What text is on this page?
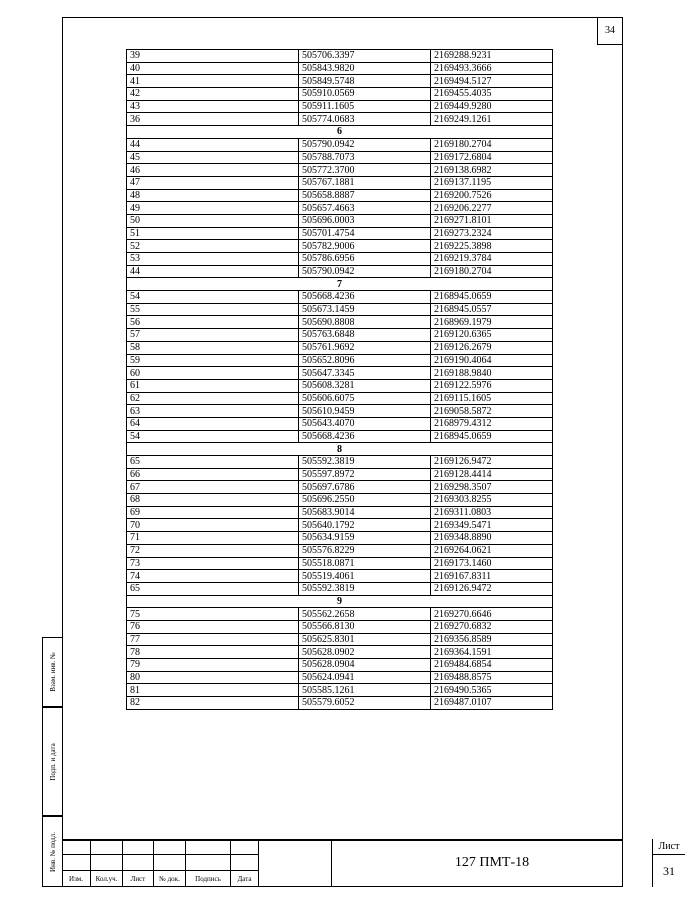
34
Взам. инв. №
Подп. и дата
Инв. № подл.
39	505706.3397	2169288.9231
40	505843.9820	2169493.3666
41	505849.5748	2169494.5127
42	505910.0569	2169455.4035
43	505911.1605	2169449.9280
36	505774.0683	2169249.1261
6		
44	505790.0942	2169180.2704
45	505788.7073	2169172.6804
46	505772.3700	2169138.6982
47	505767.1881	2169137.1195
48	505658.8887	2169200.7526
49	505657.4663	2169206.2277
50	505696.0003	2169271.8101
51	505701.4754	2169273.2324
52	505782.9006	2169225.3898
53	505786.6956	2169219.3784
44	505790.0942	2169180.2704
7		
54	505668.4236	2168945.0659
55	505673.1459	2168945.0557
56	505690.8808	2168969.1979
57	505763.6848	2169120.6365
58	505761.9692	2169126.2679
59	505652.8096	2169190.4064
60	505647.3345	2169188.9840
61	505608.3281	2169122.5976
62	505606.6075	2169115.1605
63	505610.9459	2169058.5872
64	505643.4070	2168979.4312
54	505668.4236	2168945.0659
8		
65	505592.3819	2169126.9472
66	505597.8972	2169128.4414
67	505697.6786	2169298.3507
68	505696.2550	2169303.8255
69	505683.9014	2169311.0803
70	505640.1792	2169349.5471
71	505634.9159	2169348.8890
72	505576.8229	2169264.0621
73	505518.0871	2169173.1460
74	505519.4061	2169167.8311
65	505592.3819	2169126.9472
9		
75	505562.2658	2169270.6646
76	505566.8130	2169270.6832
77	505625.8301	2169356.8589
78	505628.0902	2169364.1591
79	505628.0904	2169484.6854
80	505624.0941	2169488.8575
81	505585.1261	2169490.5365
82	505579.6052	2169487.0107
Изм.	Кол.уч.	Лист	№ док.	Подпись	Дата
127 ПМТ-18
Лист
31
